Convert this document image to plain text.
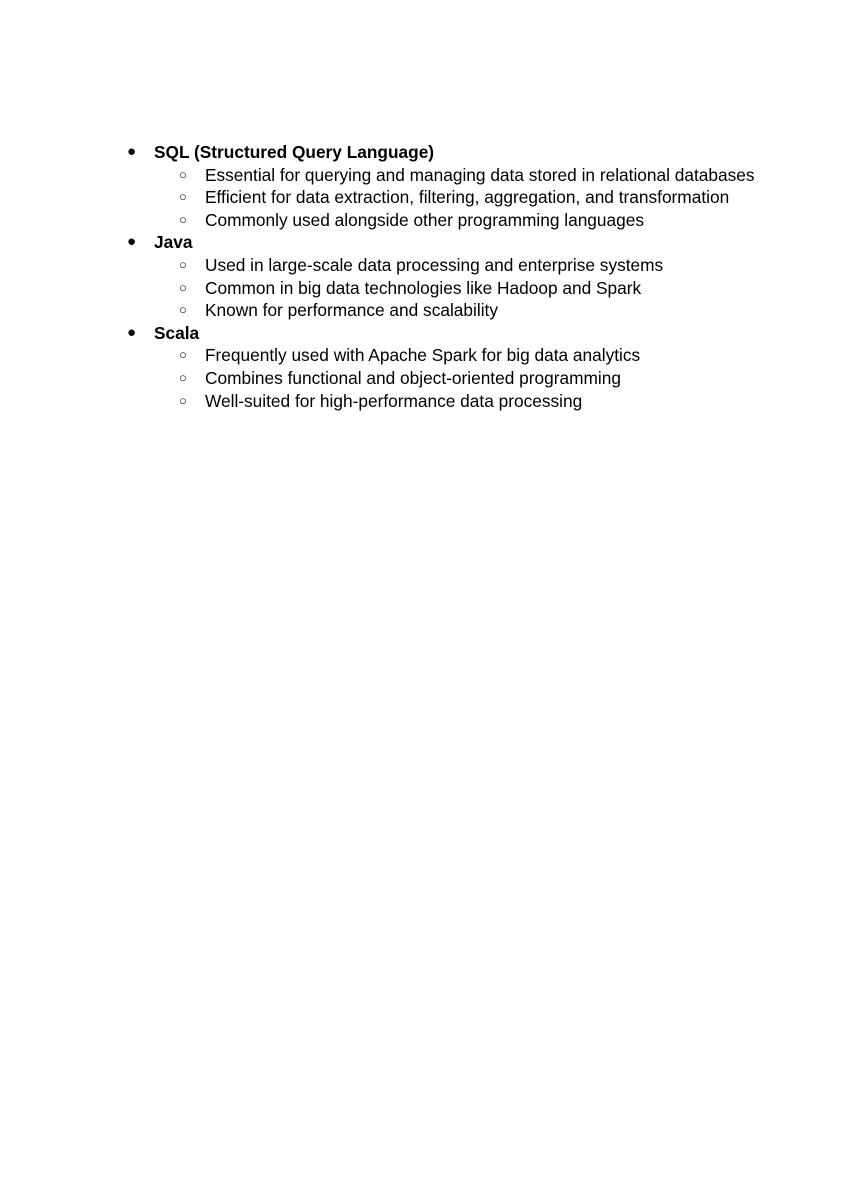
● SQL (Structured Query Language)
○ Essential for querying and managing data stored in relational databases
○ Efficient for data extraction, filtering, aggregation, and transformation
○ Commonly used alongside other programming languages
● Java
○ Used in large-scale data processing and enterprise systems
○ Common in big data technologies like Hadoop and Spark
○ Known for performance and scalability
● Scala
○ Frequently used with Apache Spark for big data analytics
○ Combines functional and object-oriented programming
○ Well-suited for high-performance data processing
